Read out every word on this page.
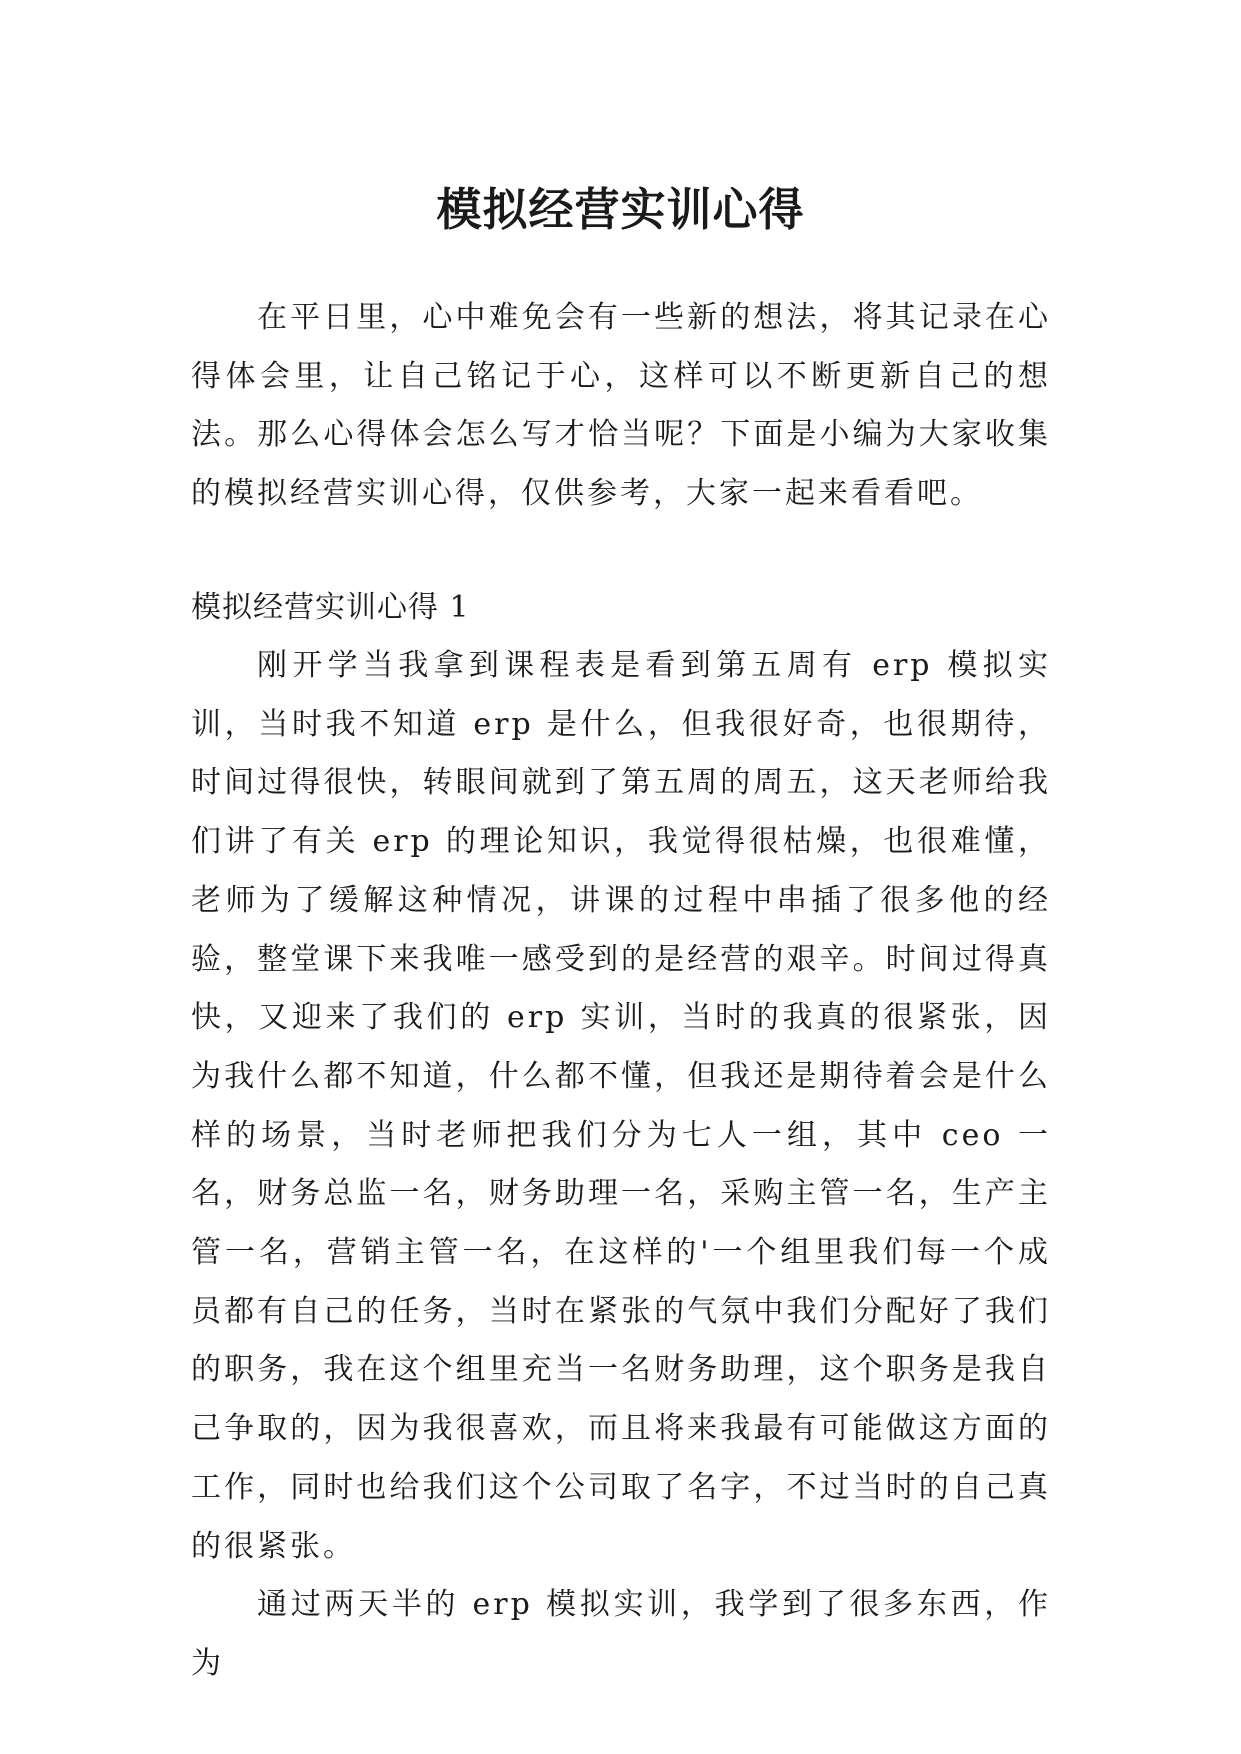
模拟经营实训心得

在平日里，心中难免会有一些新的想法，将其记录在心得体会里，让自己铭记于心，这样可以不断更新自己的想法。那么心得体会怎么写才恰当呢？下面是小编为大家收集的模拟经营实训心得，仅供参考，大家一起来看看吧。

模拟经营实训心得 1

刚开学当我拿到课程表是看到第五周有 erp 模拟实训，当时我不知道 erp 是什么，但我很好奇，也很期待，时间过得很快，转眼间就到了第五周的周五，这天老师给我们讲了有关 erp 的理论知识，我觉得很枯燥，也很难懂，老师为了缓解这种情况，讲课的过程中串插了很多他的经验，整堂课下来我唯一感受到的是经营的艰辛。时间过得真快，又迎来了我们的 erp 实训，当时的我真的很紧张，因为我什么都不知道，什么都不懂，但我还是期待着会是什么样的场景，当时老师把我们分为七人一组，其中 ceo 一名，财务总监一名，财务助理一名，采购主管一名，生产主管一名，营销主管一名，在这样的'一个组里我们每一个成员都有自己的任务，当时在紧张的气氛中我们分配好了我们的职务，我在这个组里充当一名财务助理，这个职务是我自己争取的，因为我很喜欢，而且将来我最有可能做这方面的工作，同时也给我们这个公司取了名字，不过当时的自己真的很紧张。

通过两天半的 erp 模拟实训，我学到了很多东西，作为
